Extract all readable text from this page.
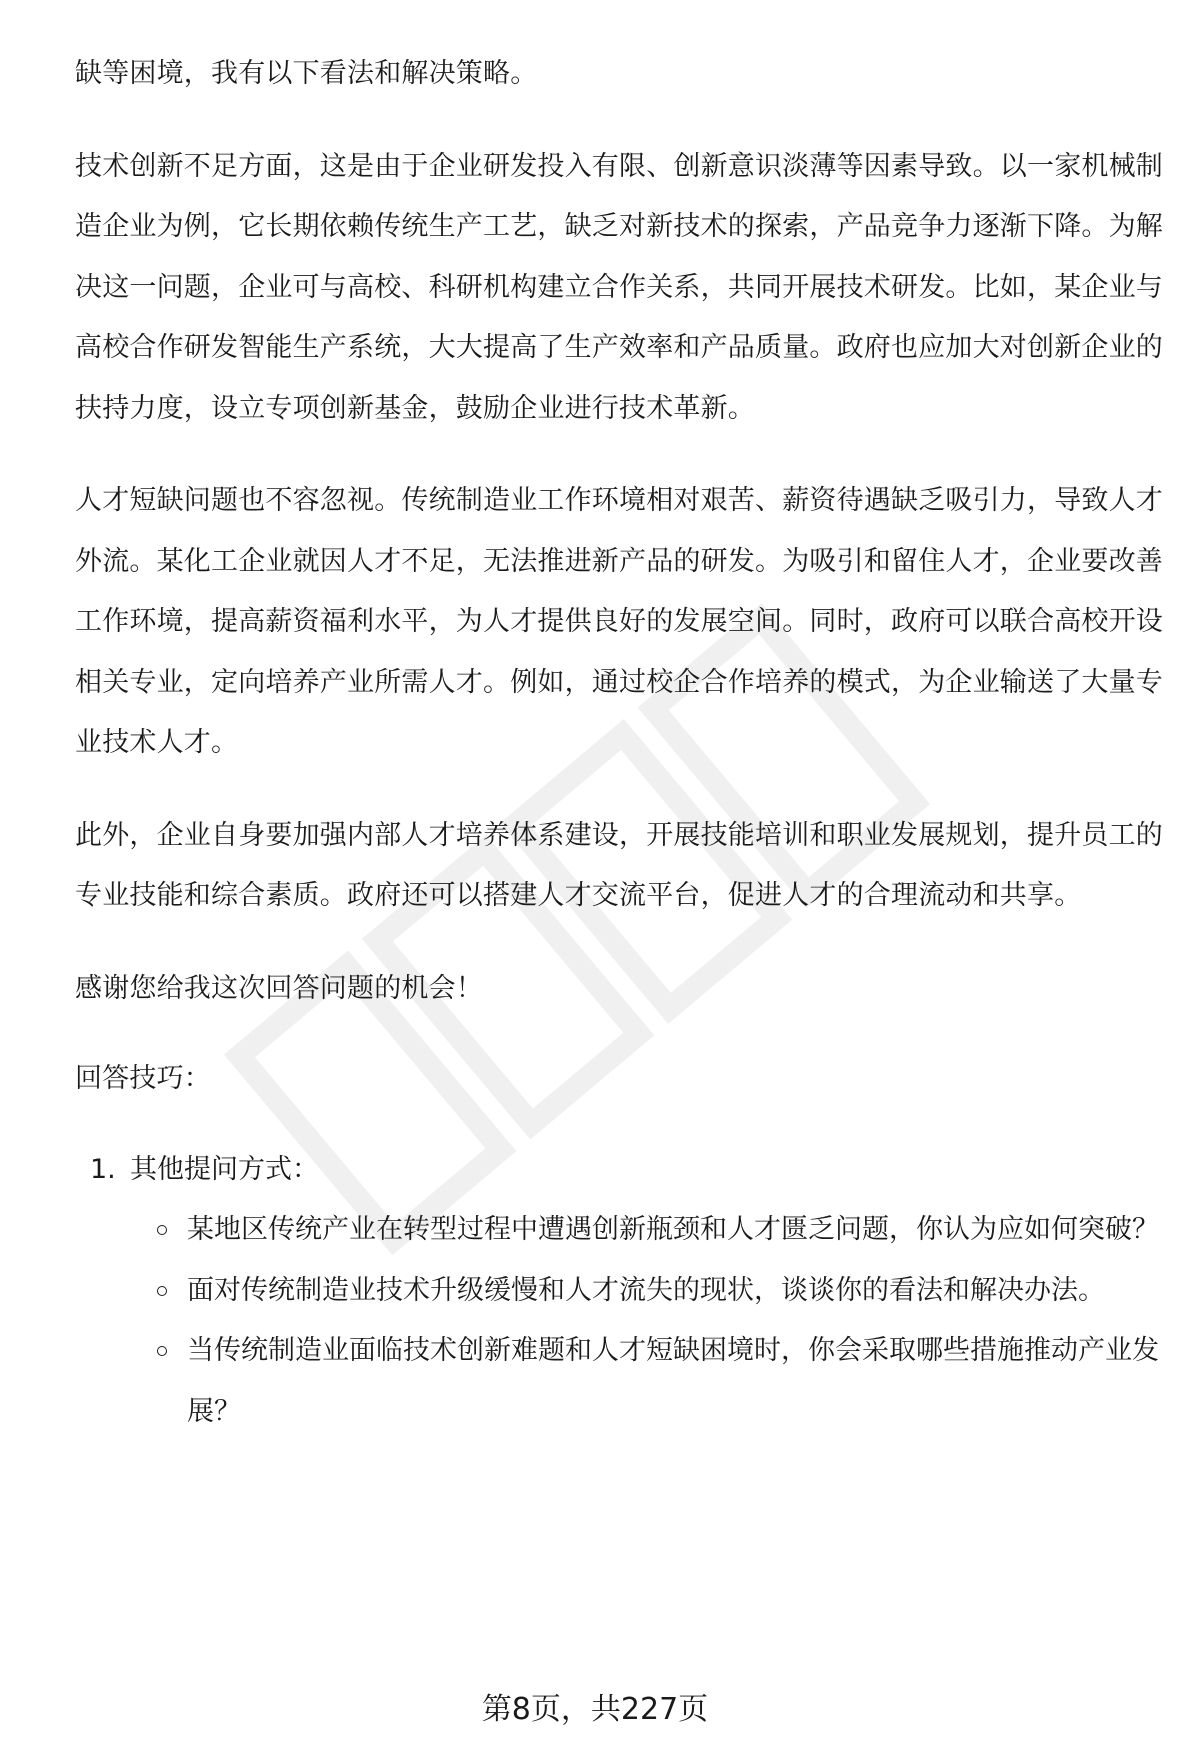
缺等困境，我有以下看法和解决策略。

技术创新不足方面，这是由于企业研发投入有限、创新意识淡薄等因素导致。以一家机械制造企业为例，它长期依赖传统生产工艺，缺乏对新技术的探索，产品竞争力逐渐下降。为解决这一问题，企业可与高校、科研机构建立合作关系，共同开展技术研发。比如，某企业与高校合作研发智能生产系统，大大提高了生产效率和产品质量。政府也应加大对创新企业的扶持力度，设立专项创新基金，鼓励企业进行技术革新。

人才短缺问题也不容忽视。传统制造业工作环境相对艰苦、薪资待遇缺乏吸引力，导致人才外流。某化工企业就因人才不足，无法推进新产品的研发。为吸引和留住人才，企业要改善工作环境，提高薪资福利水平，为人才提供良好的发展空间。同时，政府可以联合高校开设相关专业，定向培养产业所需人才。例如，通过校企合作培养的模式，为企业输送了大量专业技术人才。

此外，企业自身要加强内部人才培养体系建设，开展技能培训和职业发展规划，提升员工的专业技能和综合素质。政府还可以搭建人才交流平台，促进人才的合理流动和共享。

感谢您给我这次回答问题的机会！

回答技巧：

1. 其他提问方式：
某地区传统产业在转型过程中遭遇创新瓶颈和人才匮乏问题，你认为应如何突破？
面对传统制造业技术升级缓慢和人才流失的现状，谈谈你的看法和解决办法。
当传统制造业面临技术创新难题和人才短缺困境时，你会采取哪些措施推动产业发展？
第8页，共227页
